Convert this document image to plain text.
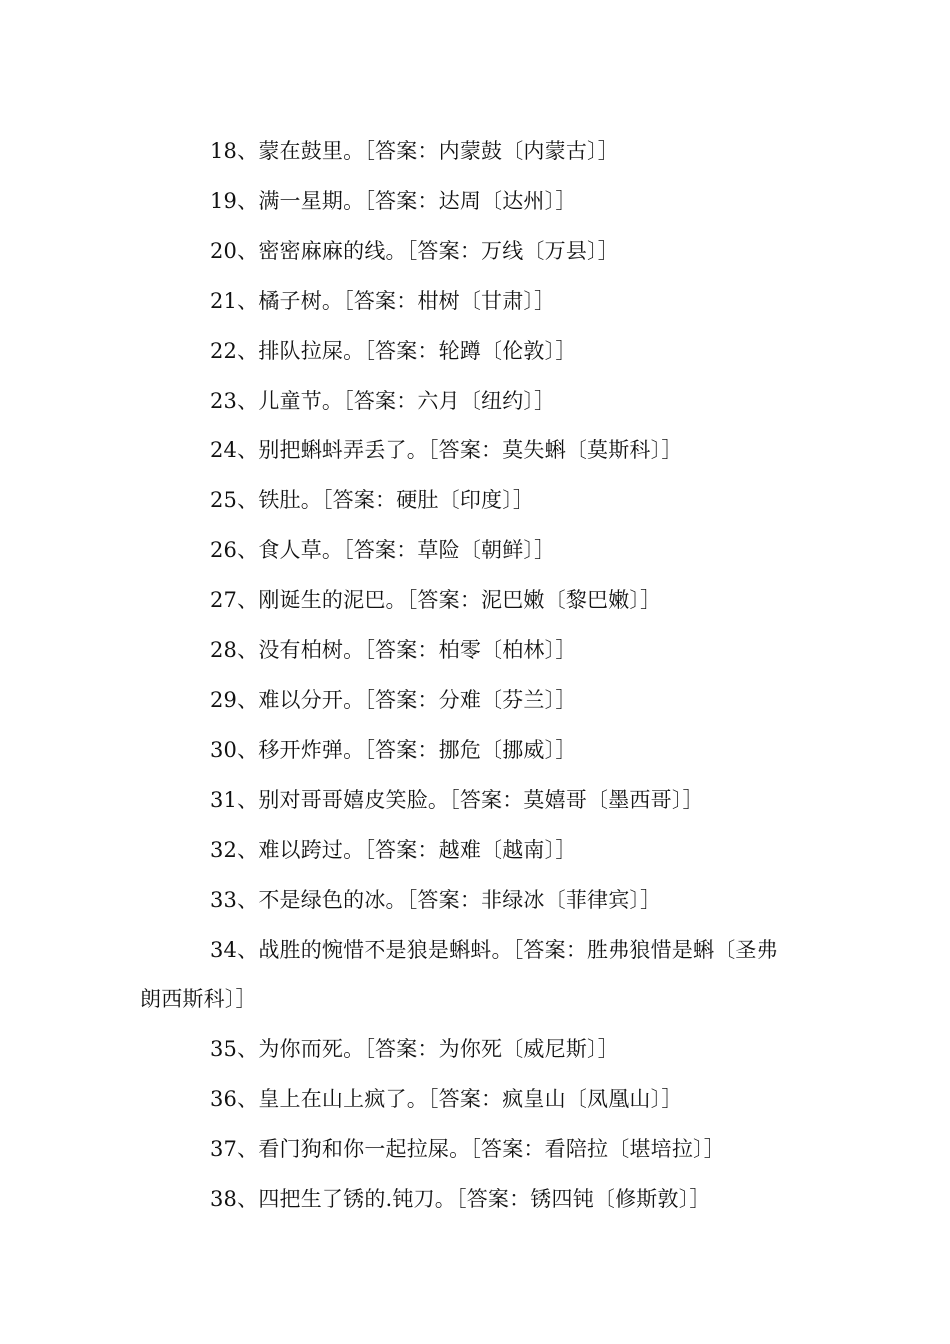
18、蒙在鼓里。［答案：内蒙鼓〔内蒙古〕］
19、满一星期。［答案：达周〔达州〕］
20、密密麻麻的线。［答案：万线〔万县〕］
21、橘子树。［答案：柑树〔甘肃〕］
22、排队拉屎。［答案：轮蹲〔伦敦〕］
23、儿童节。［答案：六月〔纽约〕］
24、别把蝌蚪弄丢了。［答案：莫失蝌〔莫斯科〕］
25、铁肚。［答案：硬肚〔印度〕］
26、食人草。［答案：草险〔朝鲜〕］
27、刚诞生的泥巴。［答案：泥巴嫩〔黎巴嫩〕］
28、没有柏树。［答案：柏零〔柏林〕］
29、难以分开。［答案：分难〔芬兰〕］
30、移开炸弹。［答案：挪危〔挪威〕］
31、别对哥哥嬉皮笑脸。［答案：莫嬉哥〔墨西哥〕］
32、难以跨过。［答案：越难〔越南〕］
33、不是绿色的冰。［答案：非绿冰〔菲律宾〕］
34、战胜的惋惜不是狼是蝌蚪。［答案：胜弗狼惜是蝌〔圣弗
朗西斯科〕］
35、为你而死。［答案：为你死〔威尼斯〕］
36、皇上在山上疯了。［答案：疯皇山〔凤凰山〕］
37、看门狗和你一起拉屎。［答案：看陪拉〔堪培拉〕］
38、四把生了锈的.钝刀。［答案：锈四钝〔修斯敦〕］
